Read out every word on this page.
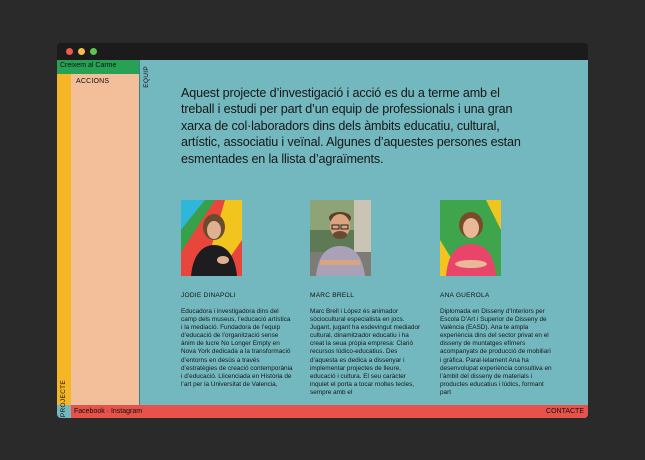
Creixem al Carme
ACCIONS	EQUIP
PROJECTE

Aquest projecte d’investigació i acció es du a terme amb el treball i estudi per part d’un equip de professionals i una gran xarxa de col·laboradors dins dels àmbits educatiu, cultural, artístic, associatiu i veïnal. Algunes d’aquestes persones estan esmentades en la llista d’agraïments.

JODIE DINAPOLI

Educadora i investigadora dins del camp dels museus, l’educació artística i la mediació. Fundadora de l’equip d’educació de l’organització sense ànim de lucre No Longer Empty en Nova York dedicada a la transformació d’entorns en desús a través d’estratègies de creació contemporània i d’educació. Llicenciada en Història de l’art per la Universitat de Valencia,

MARC BRELL

Marc Brell i López és animador sòciocultural especialista en jocs. Jugant, jugant ha esdevingut mediador cultural, dinamitzador educatiu i ha creat la seua pròpia empresa: Clarió recursos lúdico-educatius. Des d’aquesta es dedica a dissenyar i implementar projectes de lleure, educació i cultura. El seu caràcter inquiet el porta a tocar moltes tecles, sempre amb el

ANA GUEROLA

Diplomada en Disseny d’Interiors per Escola D’Art i Superior de Disseny de València (EASD). Ana te ampla experiència dins del sector privat en el disseny de muntatges efímers acompanyats de producció de mobiliari i gràfica. Paral·lelament Ana ha desenvolupat experiència consultiva en l’àmbit del disseny de materials i productes educatius i lúdics, formant part

Facebook · Instagram	CONTACTE
